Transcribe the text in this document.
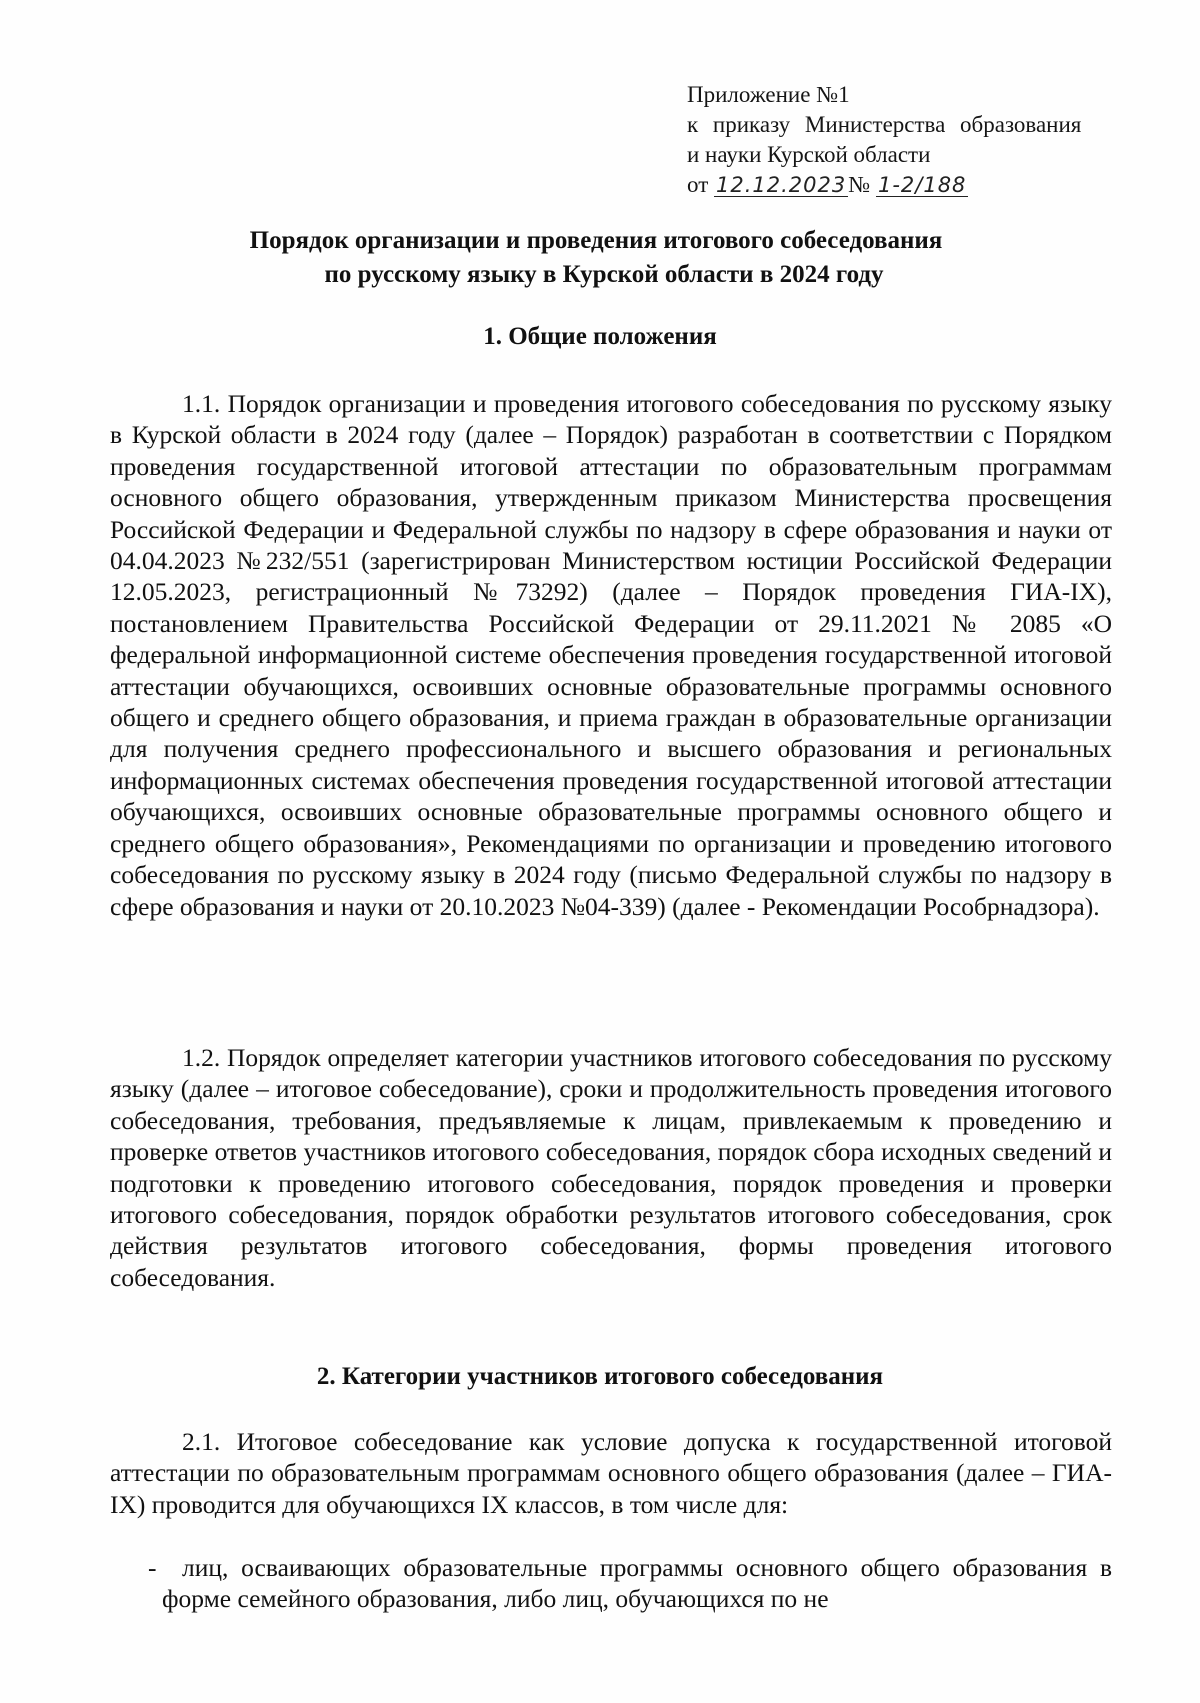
Приложение №1
к приказу Министерства образования
и науки Курской области
от 12.12.2023№ 1-2/188
Порядок организации и проведения итогового собеседования
по русскому языку в Курской области в 2024 году
1. Общие положения

1.1. Порядок организации и проведения итогового собеседования по русскому языку в Курской области в 2024 году (далее – Порядок) разработан в соответствии с Порядком проведения государственной итоговой аттестации по образовательным программам основного общего образования, утвержденным приказом Министерства просвещения Российской Федерации и Федеральной службы по надзору в сфере образования и науки от 04.04.2023 №232/551 (зарегистрирован Министерством юстиции Российской Федерации 12.05.2023, регистрационный №73292) (далее – Порядок проведения ГИА-IX), постановлением Правительства Российской Федерации от 29.11.2021 № 2085 «О федеральной информационной системе обеспечения проведения государственной итоговой аттестации обучающихся, освоивших основные образовательные программы основного общего и среднего общего образования, и приема граждан в образовательные организации для получения среднего профессионального и высшего образования и региональных информационных системах обеспечения проведения государственной итоговой аттестации обучающихся, освоивших основные образовательные программы основного общего и среднего общего образования», Рекомендациями по организации и проведению итогового собеседования по русскому языку в 2024 году (письмо Федеральной службы по надзору в сфере образования и науки от 20.10.2023 №04-339) (далее - Рекомендации Рособрнадзора).

1.2. Порядок определяет категории участников итогового собеседования по русскому языку (далее – итоговое собеседование), сроки и продолжительность проведения итогового собеседования, требования, предъявляемые к лицам, привлекаемым к проведению и проверке ответов участников итогового собеседования, порядок сбора исходных сведений и подготовки к проведению итогового собеседования, порядок проведения и проверки итогового собеседования, порядок обработки результатов итогового собеседования, срок действия результатов итогового собеседования, формы проведения итогового собеседования.

2. Категории участников итогового собеседования

2.1. Итоговое собеседование как условие допуска к государственной итоговой аттестации по образовательным программам основного общего образования (далее – ГИА-IX) проводится для обучающихся IX классов, в том числе для:

-	лиц, осваивающих образовательные программы основного общего образования в форме семейного образования, либо лиц, обучающихся по не
